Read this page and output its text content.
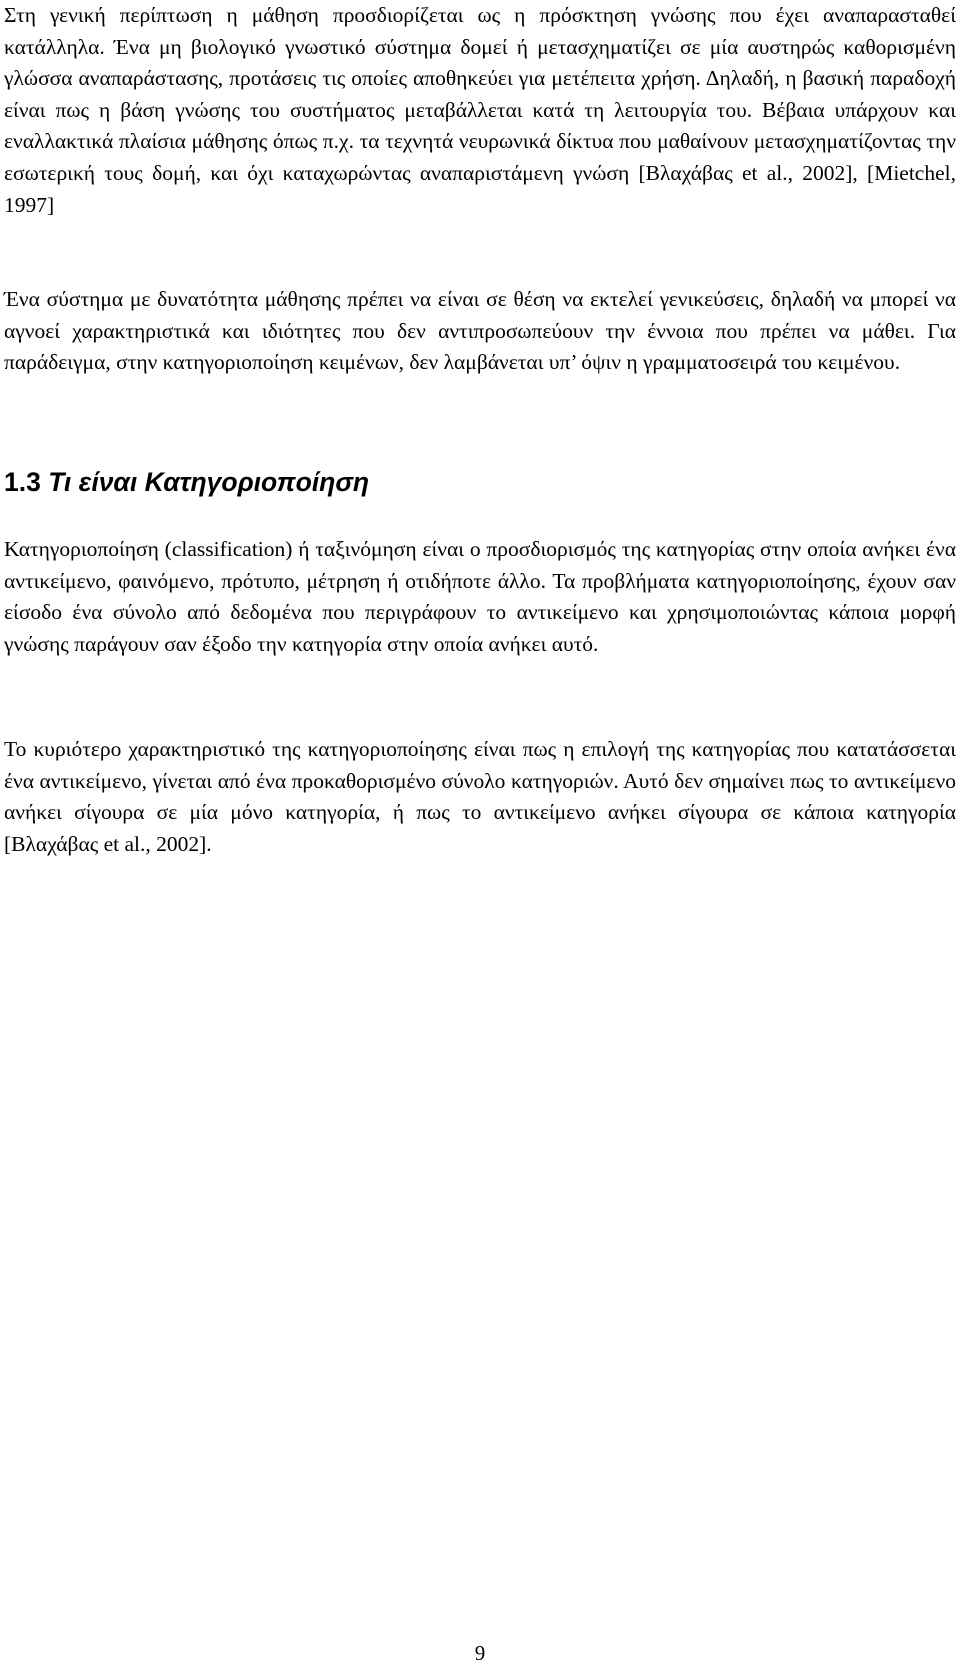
Στη γενική περίπτωση η μάθηση προσδιορίζεται ως η πρόσκτηση γνώσης που έχει αναπαρασταθεί κατάλληλα. Ένα μη βιολογικό γνωστικό σύστημα δομεί ή μετασχηματίζει σε μία αυστηρώς καθορισμένη γλώσσα αναπαράστασης, προτάσεις τις οποίες αποθηκεύει για μετέπειτα χρήση. Δηλαδή, η βασική παραδοχή είναι πως η βάση γνώσης του συστήματος μεταβάλλεται κατά τη λειτουργία του. Βέβαια υπάρχουν και εναλλακτικά πλαίσια μάθησης όπως π.χ. τα τεχνητά νευρωνικά δίκτυα που μαθαίνουν μετασχηματίζοντας την εσωτερική τους δομή, και όχι καταχωρώντας αναπαριστάμενη γνώση [Βλαχάβας et al., 2002], [Mietchel, 1997]

Ένα σύστημα με δυνατότητα μάθησης πρέπει να είναι σε θέση να εκτελεί γενικεύσεις, δηλαδή να μπορεί να αγνοεί χαρακτηριστικά και ιδιότητες που δεν αντιπροσωπεύουν την έννοια που πρέπει να μάθει. Για παράδειγμα, στην κατηγοριοποίηση κειμένων, δεν λαμβάνεται υπ’ όψιν η γραμματοσειρά του κειμένου.

1.3 Τι είναι Κατηγοριοποίηση

Κατηγοριοποίηση (classification) ή ταξινόμηση είναι ο προσδιορισμός της κατηγορίας στην οποία ανήκει ένα αντικείμενο, φαινόμενο, πρότυπο, μέτρηση ή οτιδήποτε άλλο. Τα προβλήματα κατηγοριοποίησης, έχουν σαν είσοδο ένα σύνολο από δεδομένα που περιγράφουν το αντικείμενο και χρησιμοποιώντας κάποια μορφή γνώσης παράγουν σαν έξοδο την κατηγορία στην οποία ανήκει αυτό.

Το κυριότερο χαρακτηριστικό της κατηγοριοποίησης είναι πως η επιλογή της κατηγορίας που κατατάσσεται ένα αντικείμενο, γίνεται από ένα προκαθορισμένο σύνολο κατηγοριών. Αυτό δεν σημαίνει πως το αντικείμενο ανήκει σίγουρα σε μία μόνο κατηγορία, ή πως το αντικείμενο ανήκει σίγουρα σε κάποια κατηγορία [Βλαχάβας et al., 2002].

9
